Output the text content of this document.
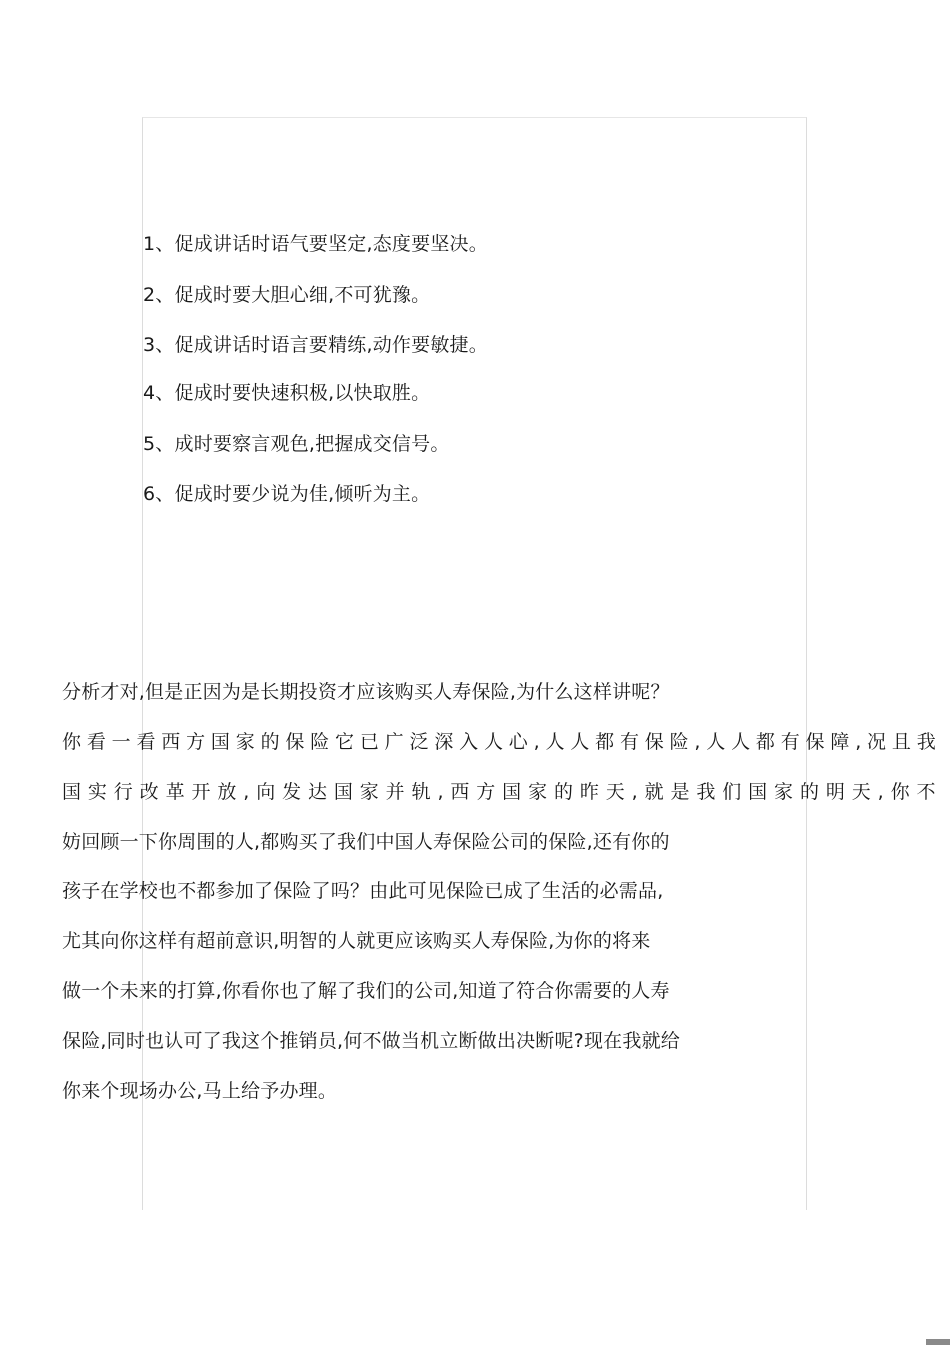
1、促成讲话时语气要坚定,态度要坚决。
2、促成时要大胆心细,不可犹豫。
3、促成讲话时语言要精练,动作要敏捷。
4、促成时要快速积极,以快取胜。
5、成时要察言观色,把握成交信号。
6、促成时要少说为佳,倾听为主。
分析才对,但是正因为是长期投资才应该购买人寿保险,为什么这样讲呢？
你看一看西方国家的保险它已广泛深入人心,人人都有保险,人人都有保障,况且我
国实行改革开放,向发达国家并轨,西方国家的昨天,就是我们国家的明天,你不
妨回顾一下你周围的人,都购买了我们中国人寿保险公司的保险,还有你的
孩子在学校也不都参加了保险了吗？由此可见保险已成了生活的必需品,
尤其向你这样有超前意识,明智的人就更应该购买人寿保险,为你的将来
做一个未来的打算,你看你也了解了我们的公司,知道了符合你需要的人寿
保险,同时也认可了我这个推销员,何不做当机立断做出决断呢?现在我就给
你来个现场办公,马上给予办理。
